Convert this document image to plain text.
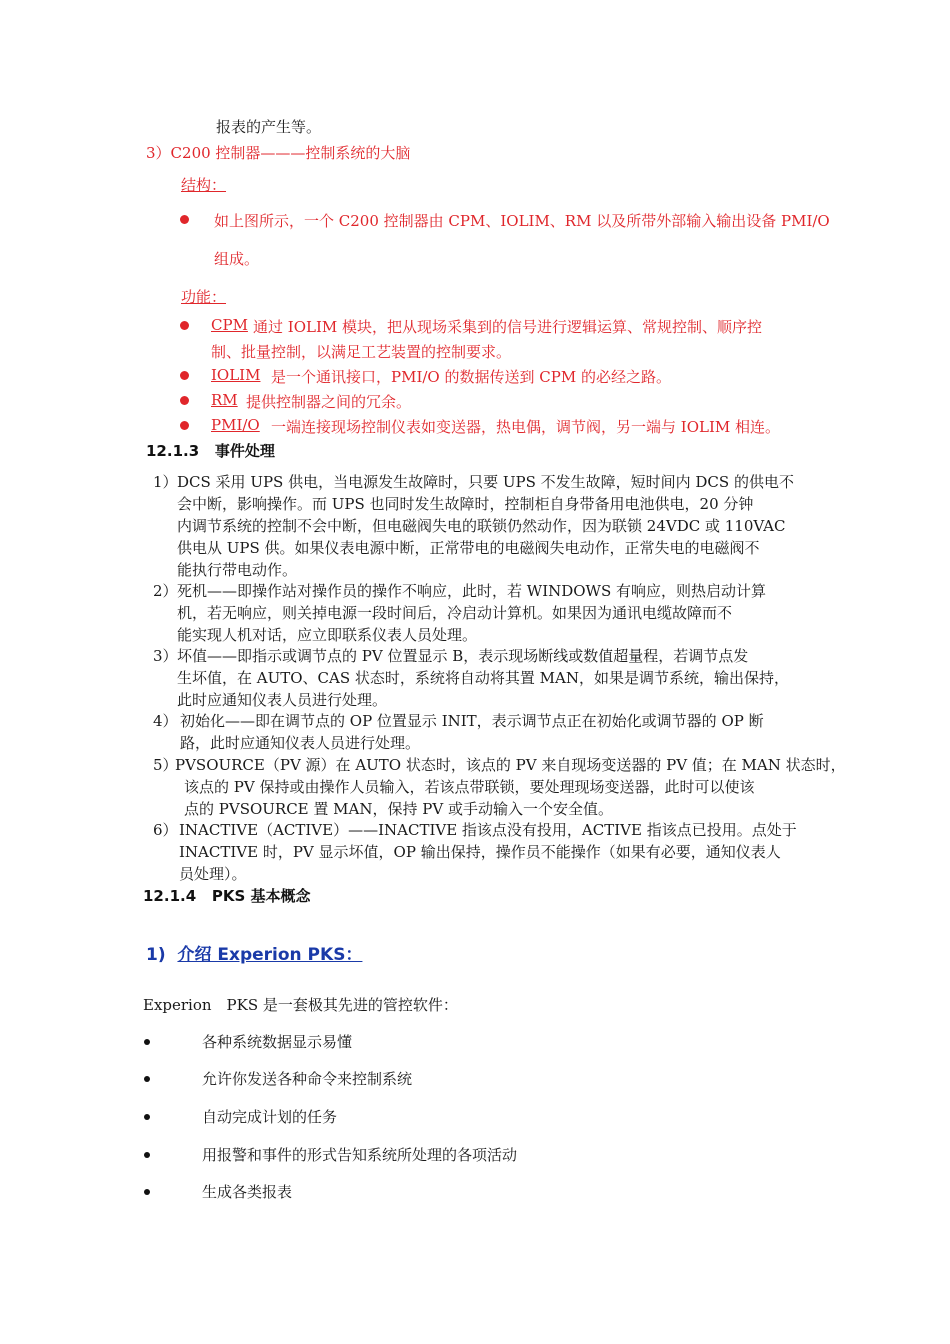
报表的产生等。
3）C200 控制器———控制系统的大脑
结构：
如上图所示，一个 C200 控制器由 CPM、IOLIM、RM 以及所带外部输入输出设备 PMI/O
组成。
功能：
CPM 通过 IOLIM 模块，把从现场采集到的信号进行逻辑运算、常规控制、顺序控
制、批量控制，以满足工艺装置的控制要求。
IOLIM 是一个通讯接口，PMI/O 的数据传送到 CPM 的必经之路。
RM 提供控制器之间的冗余。
PMI/O 一端连接现场控制仪表如变送器，热电偶，调节阀，另一端与 IOLIM 相连。
12.1.3 事件处理
1） DCS 采用 UPS 供电，当电源发生故障时，只要 UPS 不发生故障，短时间内 DCS 的供电不
会中断，影响操作。而 UPS 也同时发生故障时，控制柜自身带备用电池供电，20 分钟
内调节系统的控制不会中断，但电磁阀失电的联锁仍然动作，因为联锁 24VDC 或 110VAC
供电从 UPS 供。如果仪表电源中断，正常带电的电磁阀失电动作，正常失电的电磁阀不
能执行带电动作。
2） 死机——即操作站对操作员的操作不响应，此时，若 WINDOWS 有响应，则热启动计算
机，若无响应，则关掉电源一段时间后，冷启动计算机。如果因为通讯电缆故障而不
能实现人机对话，应立即联系仪表人员处理。
3） 坏值——即指示或调节点的 PV 位置显示 B，表示现场断线或数值超量程，若调节点发
生坏值，在 AUTO、CAS 状态时，系统将自动将其置 MAN，如果是调节系统，输出保持，
此时应通知仪表人员进行处理。
4） 初始化——即在调节点的 OP 位置显示 INIT，表示调节点正在初始化或调节器的 OP 断
路，此时应通知仪表人员进行处理。
5）
PVSOURCE（PV 源）在 AUTO 状态时，该点的 PV 来自现场变送器的 PV 值；在 MAN 状态时，
该点的 PV 保持或由操作人员输入，若该点带联锁，要处理现场变送器，此时可以使该
点的 PVSOURCE 置 MAN，保持 PV 或手动输入一个安全值。
6） INACTIVE（ACTIVE）——INACTIVE 指该点没有投用，ACTIVE 指该点已投用。点处于
INACTIVE 时，PV 显示坏值，OP 输出保持，操作员不能操作（如果有必要，通知仪表人
员处理）。
12.1.4 PKS 基本概念
1) 介绍 Experion PKS：
Experion　PKS 是一套极其先进的管控软件：
各种系统数据显示易懂
允许你发送各种命令来控制系统
自动完成计划的任务
用报警和事件的形式告知系统所处理的各项活动
生成各类报表
